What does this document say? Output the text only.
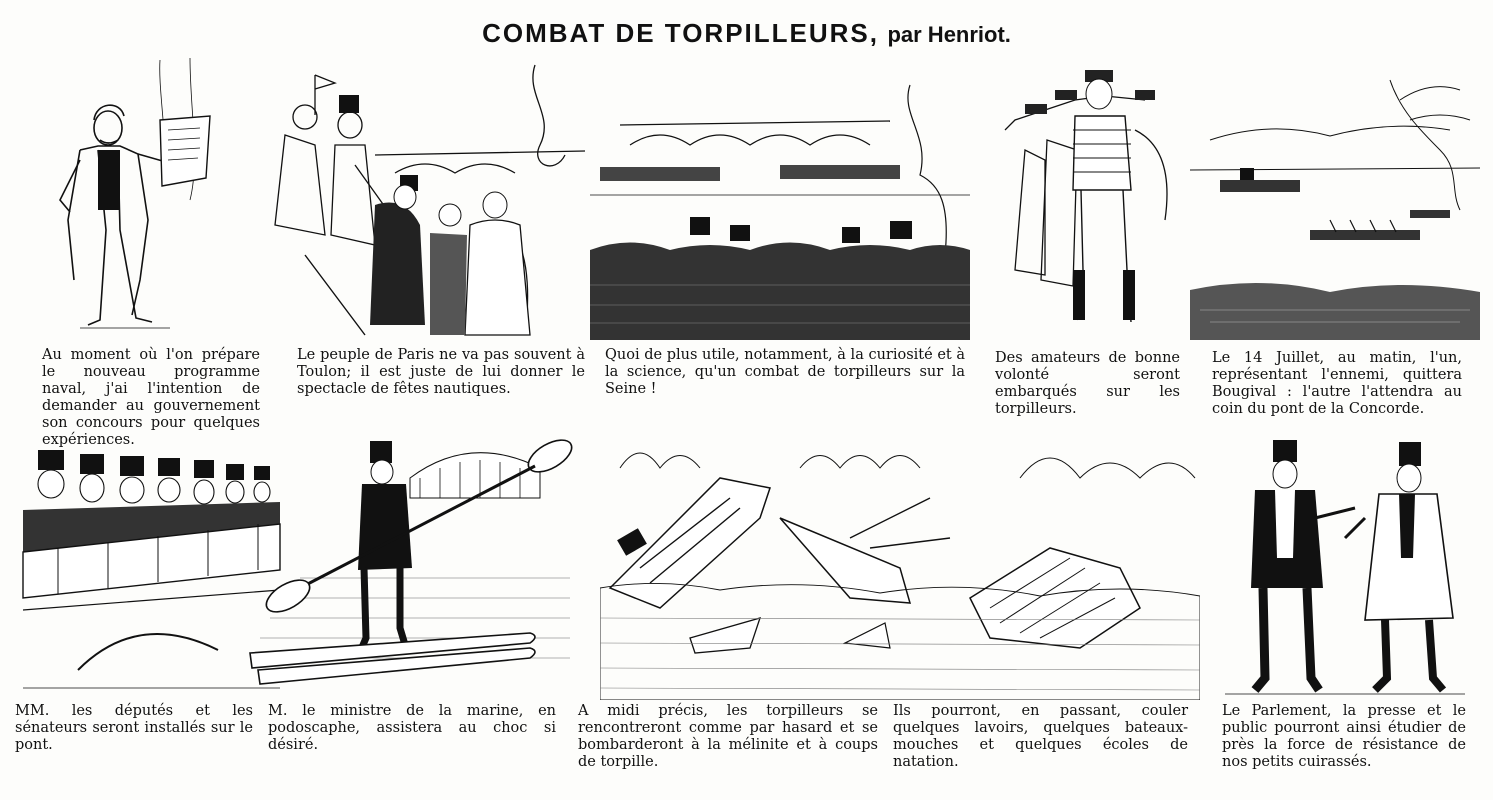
COMBAT DE TORPILLEURS, par Henriot.
Au moment où l'on prépare le nouveau programme naval, j'ai l'intention de demander au gouvernement son concours pour quelques expériences.
Le peuple de Paris ne va pas souvent à Toulon; il est juste de lui donner le spectacle de fêtes nautiques.
Quoi de plus utile, notamment, à la curiosité et à la science, qu'un combat de torpilleurs sur la Seine !
Des amateurs de bonne volonté seront embarqués sur les torpilleurs.
Le 14 Juillet, au matin, l'un, représentant l'ennemi, quittera Bougival : l'autre l'attendra au coin du pont de la Concorde.
MM. les députés et les sénateurs seront installés sur le pont.
M. le ministre de la marine, en podoscaphe, assistera au choc si désiré.
A midi précis, les torpilleurs se rencontreront comme par hasard et se bombarderont à la mélinite et à coups de torpille.
Ils pourront, en passant, couler quelques lavoirs, quelques bateaux-mouches et quelques écoles de natation.
Le Parlement, la presse et le public pourront ainsi étudier de près la force de résistance de nos petits cuirassés.
